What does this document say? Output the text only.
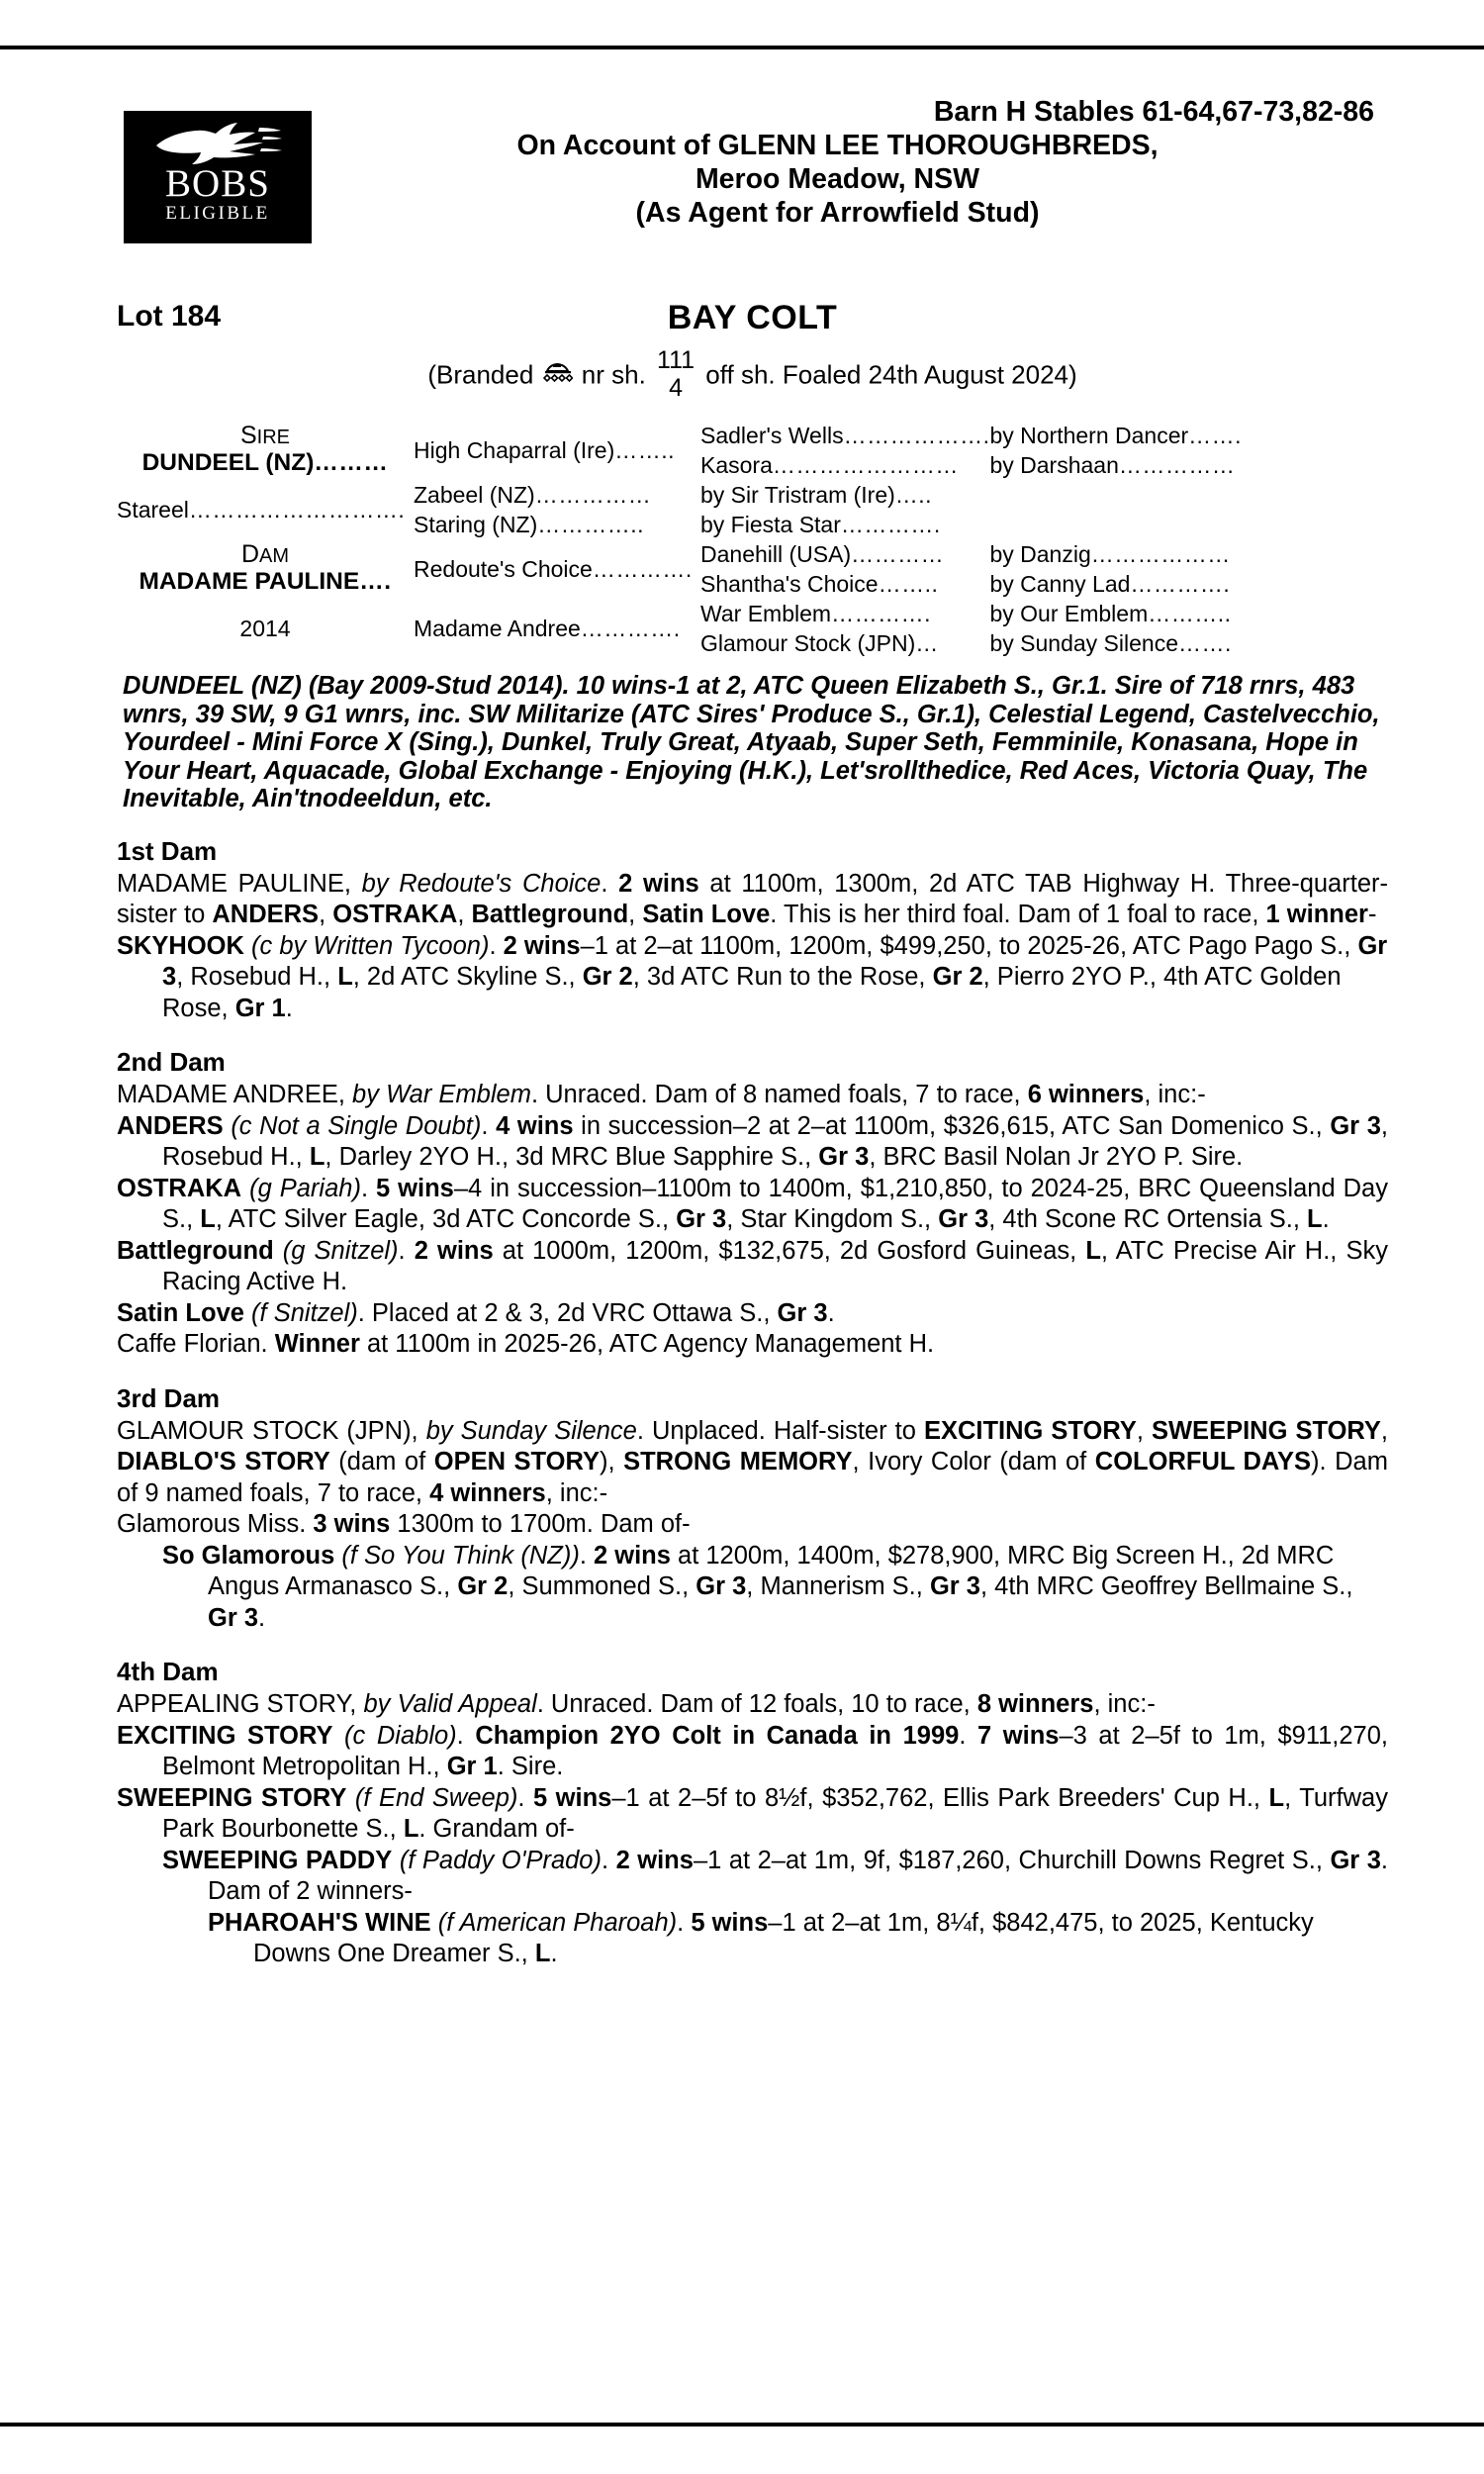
BOBS
ELIGIBLE
Barn H Stables 61-64,67-73,82-86
On Account of GLENN LEE THOROUGHBREDS,
Meroo Meadow, NSW
(As Agent for Arrowfield Stud)
Lot 184	BAY COLT
(Branded nr sh. 111
4 off sh. Foaled 24th August 2024)
SIRE
DUNDEEL (NZ)………	High Chaparral (Ire)……..	Sadler's Wells……………….	by Northern Dancer…….
		Kasora……………………	by Darshaan……………
Stareel……………………….	Zabeel (NZ)……………	by Sir Tristram (Ire)…..	
	Staring (NZ)…………..	by Fiesta Star………….	

DAM
MADAME PAULINE….	Redoute's Choice………….	Danehill (USA)…………	by Danzig………………
		Shantha's Choice……..	by Canny Lad………….

2014	Madame Andree………….	War Emblem………….	by Our Emblem………..
		Glamour Stock (JPN)…	by Sunday Silence…….
DUNDEEL (NZ) (Bay 2009-Stud 2014). 10 wins-1 at 2, ATC Queen Elizabeth S., Gr.1. Sire of 718 rnrs, 483 wnrs, 39 SW, 9 G1 wnrs, inc. SW Militarize (ATC Sires' Produce S., Gr.1), Celestial Legend, Castelvecchio, Yourdeel - Mini Force X (Sing.), Dunkel, Truly Great, Atyaab, Super Seth, Femminile, Konasana, Hope in Your Heart, Aquacade, Global Exchange - Enjoying (H.K.), Let'srollthedice, Red Aces, Victoria Quay, The Inevitable, Ain'tnodeeldun, etc.
1st Dam

MADAME PAULINE, by Redoute's Choice. 2 wins at 1100m, 1300m, 2d ATC TAB Highway H. Three-quarter-sister to ANDERS, OSTRAKA, Battleground, Satin Love. This is her third foal. Dam of 1 foal to race, 1 winner-

SKYHOOK (c by Written Tycoon). 2 wins–1 at 2–at 1100m, 1200m, $499,250, to 2025-26, ATC Pago Pago S., Gr 3, Rosebud H., L, 2d ATC Skyline S., Gr 2, 3d ATC Run to the Rose, Gr 2, Pierro 2YO P., 4th ATC Golden Rose, Gr 1.

2nd Dam

MADAME ANDREE, by War Emblem. Unraced. Dam of 8 named foals, 7 to race, 6 winners, inc:-

ANDERS (c Not a Single Doubt). 4 wins in succession–2 at 2–at 1100m, $326,615, ATC San Domenico S., Gr 3, Rosebud H., L, Darley 2YO H., 3d MRC Blue Sapphire S., Gr 3, BRC Basil Nolan Jr 2YO P. Sire.

OSTRAKA (g Pariah). 5 wins–4 in succession–1100m to 1400m, $1,210,850, to 2024-25, BRC Queensland Day S., L, ATC Silver Eagle, 3d ATC Concorde S., Gr 3, Star Kingdom S., Gr 3, 4th Scone RC Ortensia S., L.

Battleground (g Snitzel). 2 wins at 1000m, 1200m, $132,675, 2d Gosford Guineas, L, ATC Precise Air H., Sky Racing Active H.

Satin Love (f Snitzel). Placed at 2 & 3, 2d VRC Ottawa S., Gr 3.

Caffe Florian. Winner at 1100m in 2025-26, ATC Agency Management H.

3rd Dam

GLAMOUR STOCK (JPN), by Sunday Silence. Unplaced. Half-sister to EXCITING STORY, SWEEPING STORY, DIABLO'S STORY (dam of OPEN STORY), STRONG MEMORY, Ivory Color (dam of COLORFUL DAYS). Dam of 9 named foals, 7 to race, 4 winners, inc:-

Glamorous Miss. 3 wins 1300m to 1700m. Dam of-

So Glamorous (f So You Think (NZ)). 2 wins at 1200m, 1400m, $278,900, MRC Big Screen H., 2d MRC Angus Armanasco S., Gr 2, Summoned S., Gr 3, Mannerism S., Gr 3, 4th MRC Geoffrey Bellmaine S., Gr 3.

4th Dam

APPEALING STORY, by Valid Appeal. Unraced. Dam of 12 foals, 10 to race, 8 winners, inc:-

EXCITING STORY (c Diablo). Champion 2YO Colt in Canada in 1999. 7 wins–3 at 2–5f to 1m, $911,270, Belmont Metropolitan H., Gr 1. Sire.

SWEEPING STORY (f End Sweep). 5 wins–1 at 2–5f to 8½f, $352,762, Ellis Park Breeders' Cup H., L, Turfway Park Bourbonette S., L. Grandam of-

SWEEPING PADDY (f Paddy O'Prado). 2 wins–1 at 2–at 1m, 9f, $187,260, Churchill Downs Regret S., Gr 3. Dam of 2 winners-

PHAROAH'S WINE (f American Pharoah). 5 wins–1 at 2–at 1m, 8¼f, $842,475, to 2025, Kentucky Downs One Dreamer S., L.
